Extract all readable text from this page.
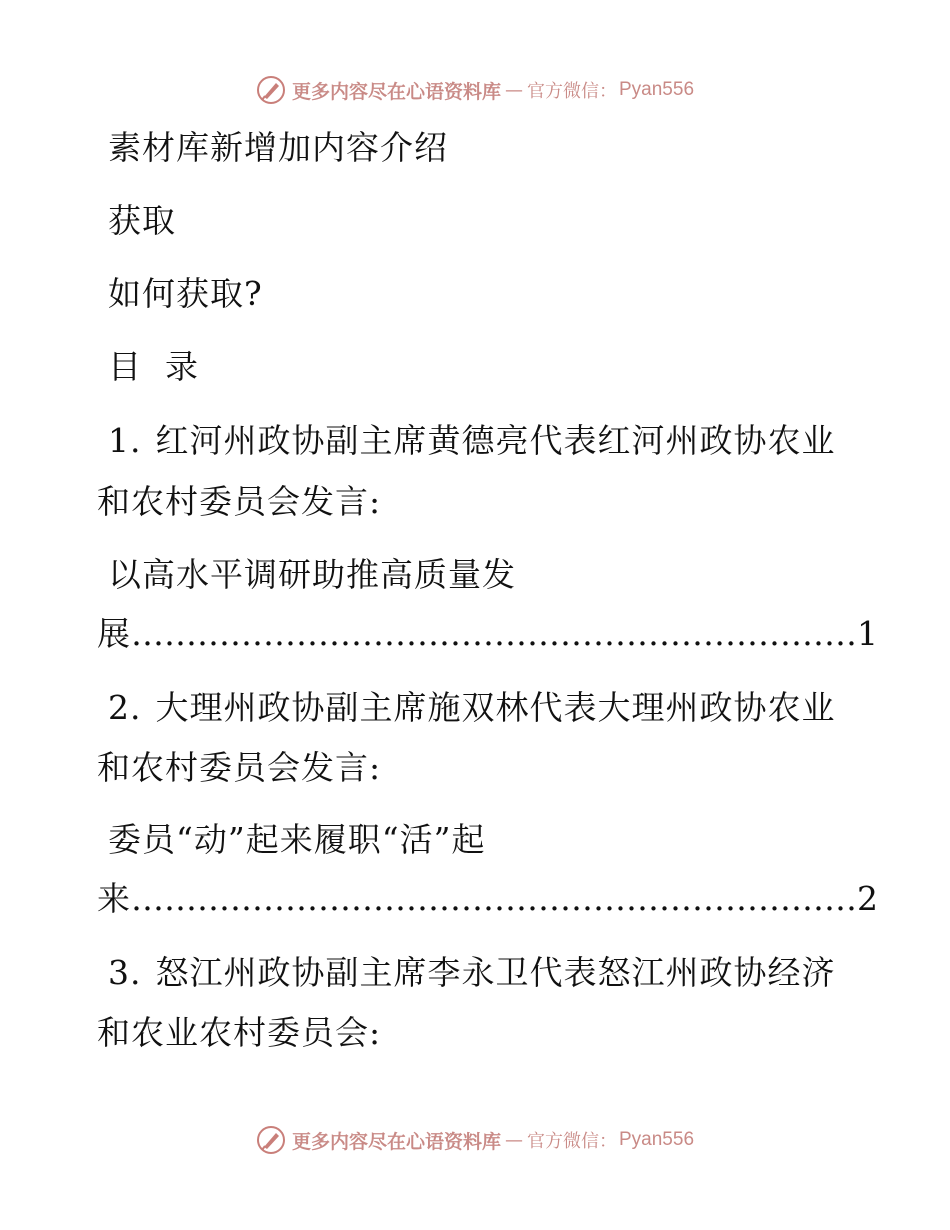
更多内容尽在心语资料库 — 官方微信： Pyan556
素材库新增加内容介绍
获取
如何获取?
目  录
1. 红河州政协副主席黄德亮代表红河州政协农业
和农村委员会发言:
以高水平调研助推高质量发
展…………………………………………………………1
2. 大理州政协副主席施双林代表大理州政协农业
和农村委员会发言:
委员“动”起来履职“活”起
来…………………………………………………………2
3. 怒江州政协副主席李永卫代表怒江州政协经济
和农业农村委员会:
更多内容尽在心语资料库 — 官方微信： Pyan556
